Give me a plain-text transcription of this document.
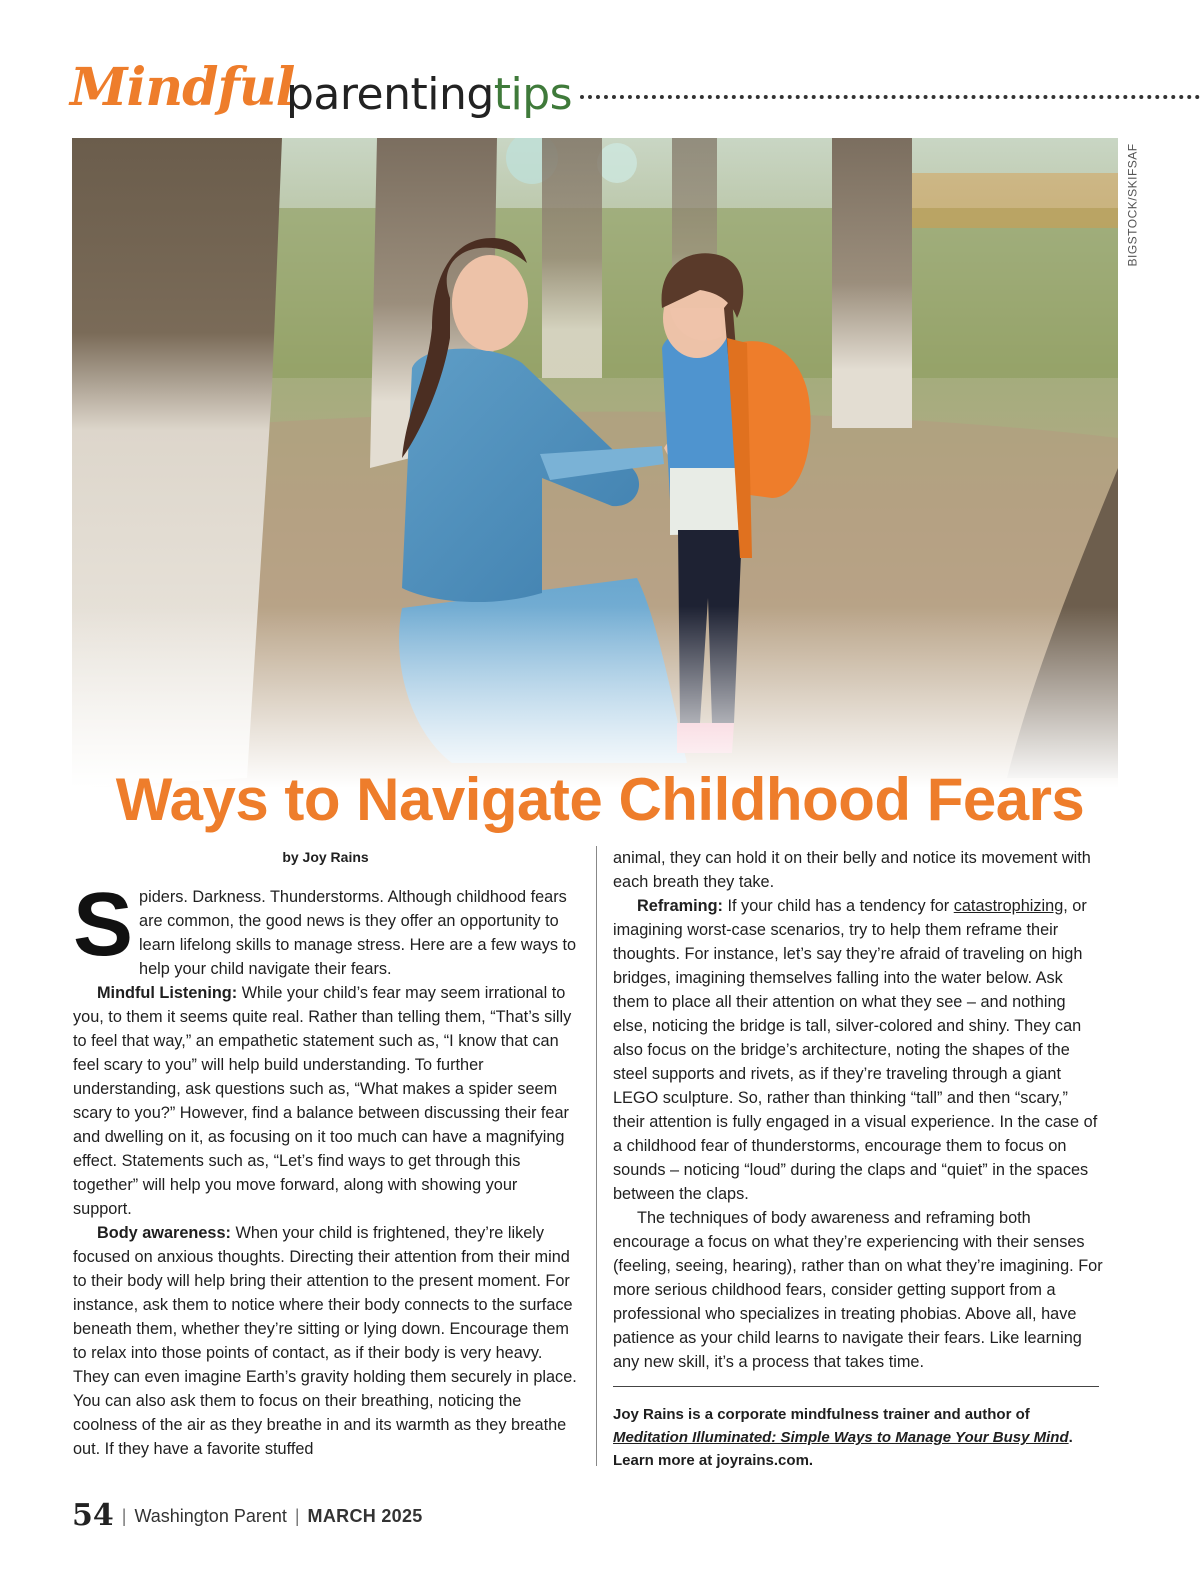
Mindful
parentingtips
BIGSTOCK/SKIFSAF
Ways to Navigate Childhood Fears
by Joy Rains

Spiders. Darkness. Thunderstorms. Although childhood fears are common, the good news is they offer an opportunity to learn lifelong skills to manage stress. Here are a few ways to help your child navigate their fears.

Mindful Listening: While your child’s fear may seem irrational to you, to them it seems quite real. Rather than telling them, “That’s silly to feel that way,” an empathetic statement such as, “I know that can feel scary to you” will help build understanding. To further understanding, ask questions such as, “What makes a spider seem scary to you?” However, find a balance between discussing their fear and dwelling on it, as focusing on it too much can have a magnifying effect. Statements such as, “Let’s find ways to get through this together” will help you move forward, along with showing your support.

Body awareness: When your child is frightened, they’re likely focused on anxious thoughts. Directing their attention from their mind to their body will help bring their attention to the present moment. For instance, ask them to notice where their body connects to the surface beneath them, whether they’re sitting or lying down. Encourage them to relax into those points of contact, as if their body is very heavy. They can even imagine Earth’s gravity holding them securely in place. You can also ask them to focus on their breathing, noticing the coolness of the air as they breathe in and its warmth as they breathe out. If they have a favorite stuffed

animal, they can hold it on their belly and notice its movement with each breath they take.

Reframing: If your child has a tendency for catastrophizing, or imagining worst-case scenarios, try to help them reframe their thoughts. For instance, let’s say they’re afraid of traveling on high bridges, imagining themselves falling into the water below. Ask them to place all their attention on what they see – and nothing else, noticing the bridge is tall, silver-colored and shiny. They can also focus on the bridge’s architecture, noting the shapes of the steel supports and rivets, as if they’re traveling through a giant LEGO sculpture. So, rather than thinking “tall” and then “scary,” their attention is fully engaged in a visual experience. In the case of a childhood fear of thunderstorms, encourage them to focus on sounds – noticing “loud” during the claps and “quiet” in the spaces between the claps.

The techniques of body awareness and reframing both encourage a focus on what they’re experiencing with their senses (feeling, seeing, hearing), rather than on what they’re imagining. For more serious childhood fears, consider getting support from a professional who specializes in treating phobias. Above all, have patience as your child learns to navigate their fears. Like learning any new skill, it’s a process that takes time.

Joy Rains is a corporate mindfulness trainer and author of Meditation Illuminated: Simple Ways to Manage Your Busy Mind.
Learn more at joyrains.com.

54 | Washington Parent | MARCH 2025
